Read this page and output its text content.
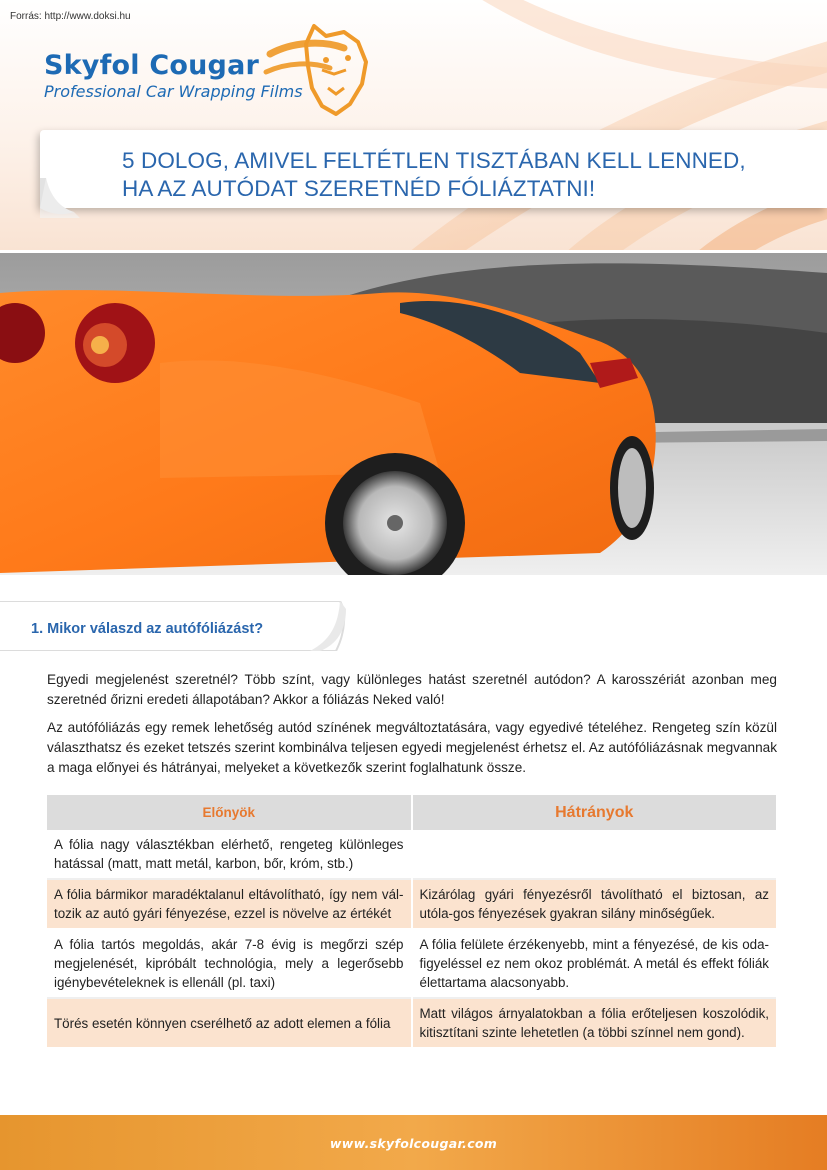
Forrás: http://www.doksi.hu
Skyfol Cougar
Professional Car Wrapping Films
5 DOLOG, AMIVEL FELTÉTLEN TISZTÁBAN KELL LENNED,
HA AZ AUTÓDAT SZERETNÉD FÓLIÁZTATNI!
1. Mikor válaszd az autófóliázást?
Egyedi megjelenést szeretnél? Több színt, vagy különleges hatást szeretnél autódon? A karosszériát azonban meg szeretnéd őrizni eredeti állapotában? Akkor a fóliázás Neked való!
Az autófóliázás egy remek lehetőség autód színének megváltoztatására, vagy egyedivé tételéhez. Rengeteg szín közül választhatsz és ezeket tetszés szerint kombinálva teljesen egyedi megjelenést érhetsz el. Az autófóliázásnak megvannak a maga előnyei és hátrányai, melyeket a következők szerint foglalhatunk össze.
Előnyök	Hátrányok
A fólia nagy választékban elérhető, rengeteg különleges hatással (matt, matt metál, karbon, bőr, króm, stb.)	
A fólia bármikor maradéktalanul eltávolítható, így nem vál-tozik az autó gyári fényezése, ezzel is növelve az értékét	Kizárólag gyári fényezésről távolítható el biztosan, az utóla-gos fényezések gyakran silány minőségűek.
A fólia tartós megoldás, akár 7-8 évig is megőrzi szép megjelenését, kipróbált technológia, mely a legerősebb igénybevételeknek is ellenáll (pl. taxi)	A fólia felülete érzékenyebb, mint a fényezésé, de kis oda-figyeléssel ez nem okoz problémát. A metál és effekt fóliák élettartama alacsonyabb.
Törés esetén könnyen cserélhető az adott elemen a fólia	Matt világos árnyalatokban a fólia erőteljesen koszolódik, kitisztítani szinte lehetetlen (a többi színnel nem gond).
www.skyfolcougar.com
